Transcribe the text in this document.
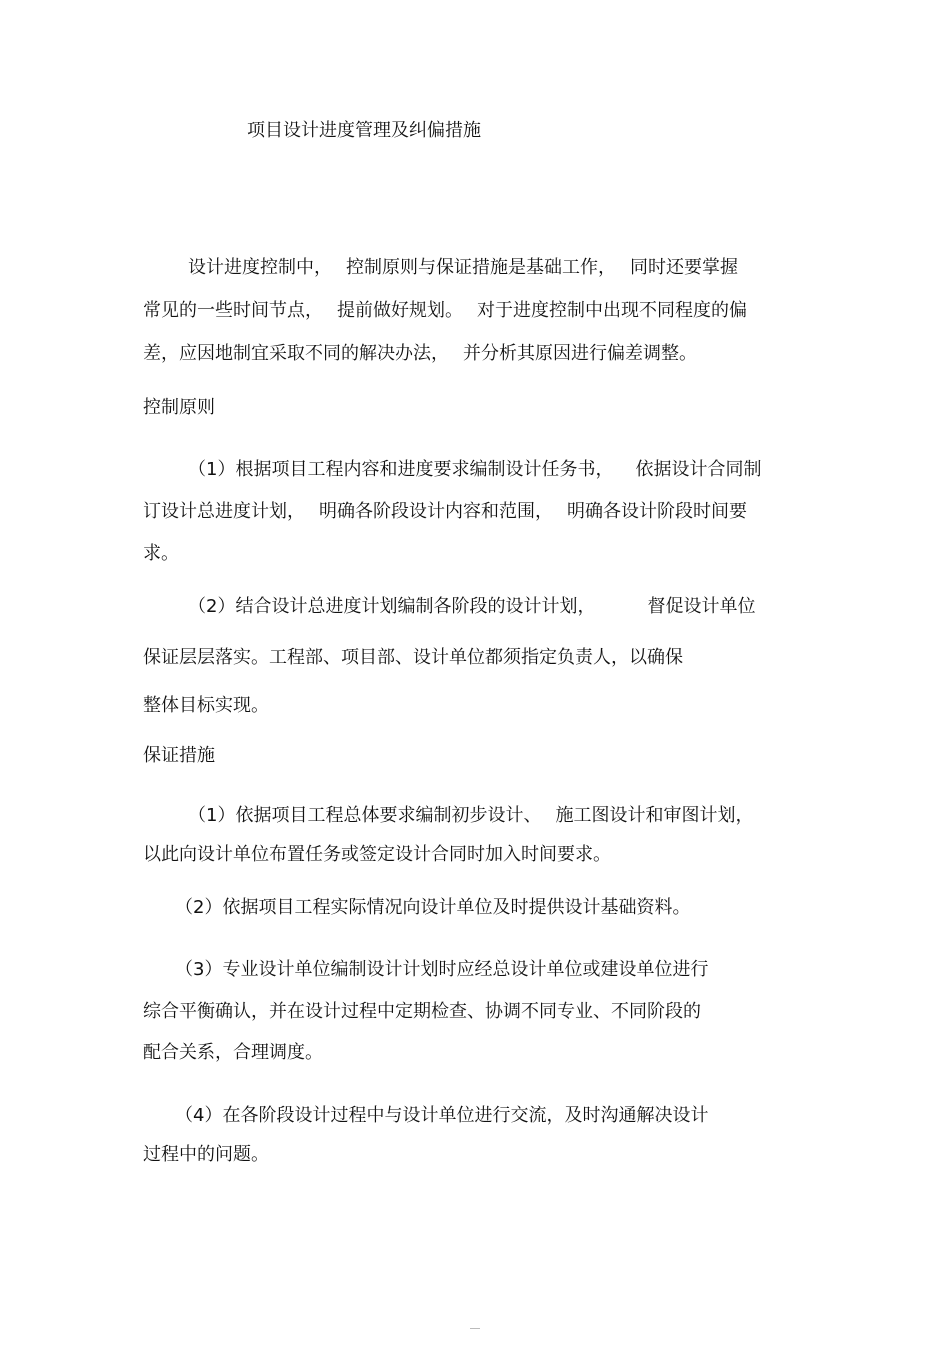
项目设计进度管理及纠偏措施
设计进度控制中， 控制原则与保证措施是基础工作， 同时还要掌握
常见的一些时间节点， 提前做好规划。 对于进度控制中出现不同程度的偏
差，应因地制宜采取不同的解决办法， 并分析其原因进行偏差调整。
控制原则
（1）根据项目工程内容和进度要求编制设计任务书， 依据设计合同制
订设计总进度计划， 明确各阶段设计内容和范围， 明确各设计阶段时间要
求。
（2）结合设计总进度计划编制各阶段的设计计划，	督促设计单位
保证层层落实。工程部、项目部、设计单位都须指定负责人，以确保
整体目标实现。
保证措施
（1）依据项目工程总体要求编制初步设计、 施工图设计和审图计划，
以此向设计单位布置任务或签定设计合同时加入时间要求。
（2）依据项目工程实际情况向设计单位及时提供设计基础资料。
（3）专业设计单位编制设计计划时应经总设计单位或建设单位进行
综合平衡确认，并在设计过程中定期检查、协调不同专业、不同阶段的
配合关系，合理调度。
（4）在各阶段设计过程中与设计单位进行交流，及时沟通解决设计
过程中的问题。
